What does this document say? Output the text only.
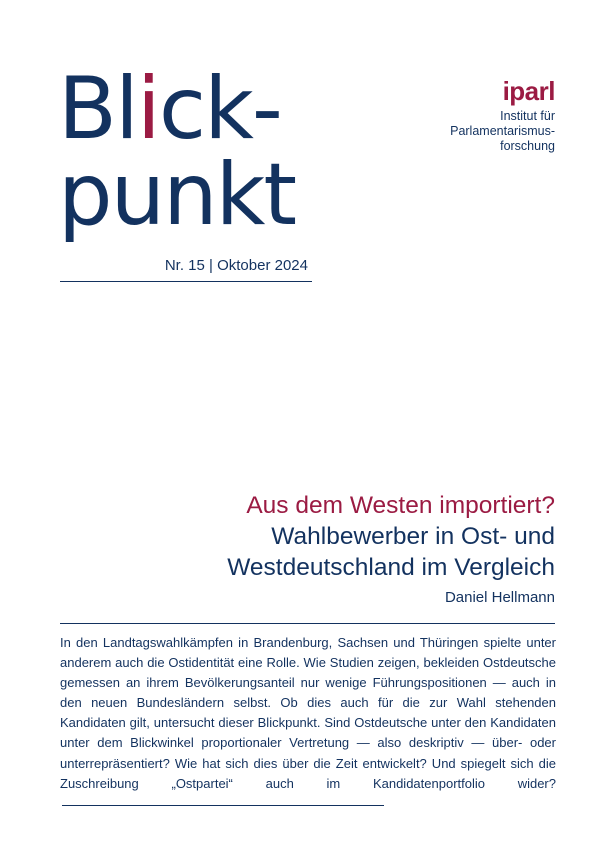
Blick-
punkt
Nr. 15 | Oktober 2024
iparl
Institut für
Parlamentarismus-
forschung
Aus dem Westen importiert?
Wahlbewerber in Ost- und
Westdeutschland im Vergleich
Daniel Hellmann
In den Landtagswahlkämpfen in Brandenburg, Sachsen und Thüringen spielte unter anderem auch die Ostidentität eine Rolle. Wie Studien zeigen, bekleiden Ostdeutsche gemessen an ihrem Bevölkerungsanteil nur wenige Führungspositionen — auch in den neuen Bundesländern selbst. Ob dies auch für die zur Wahl stehenden Kandidaten gilt, untersucht dieser Blickpunkt. Sind Ostdeutsche unter den Kandidaten unter dem Blickwinkel proportionaler Vertretung — also deskriptiv — über- oder unterrepräsentiert? Wie hat sich dies über die Zeit entwickelt? Und spiegelt sich die Zuschreibung „Ostpartei“ auch im Kandidatenportfolio wider?
